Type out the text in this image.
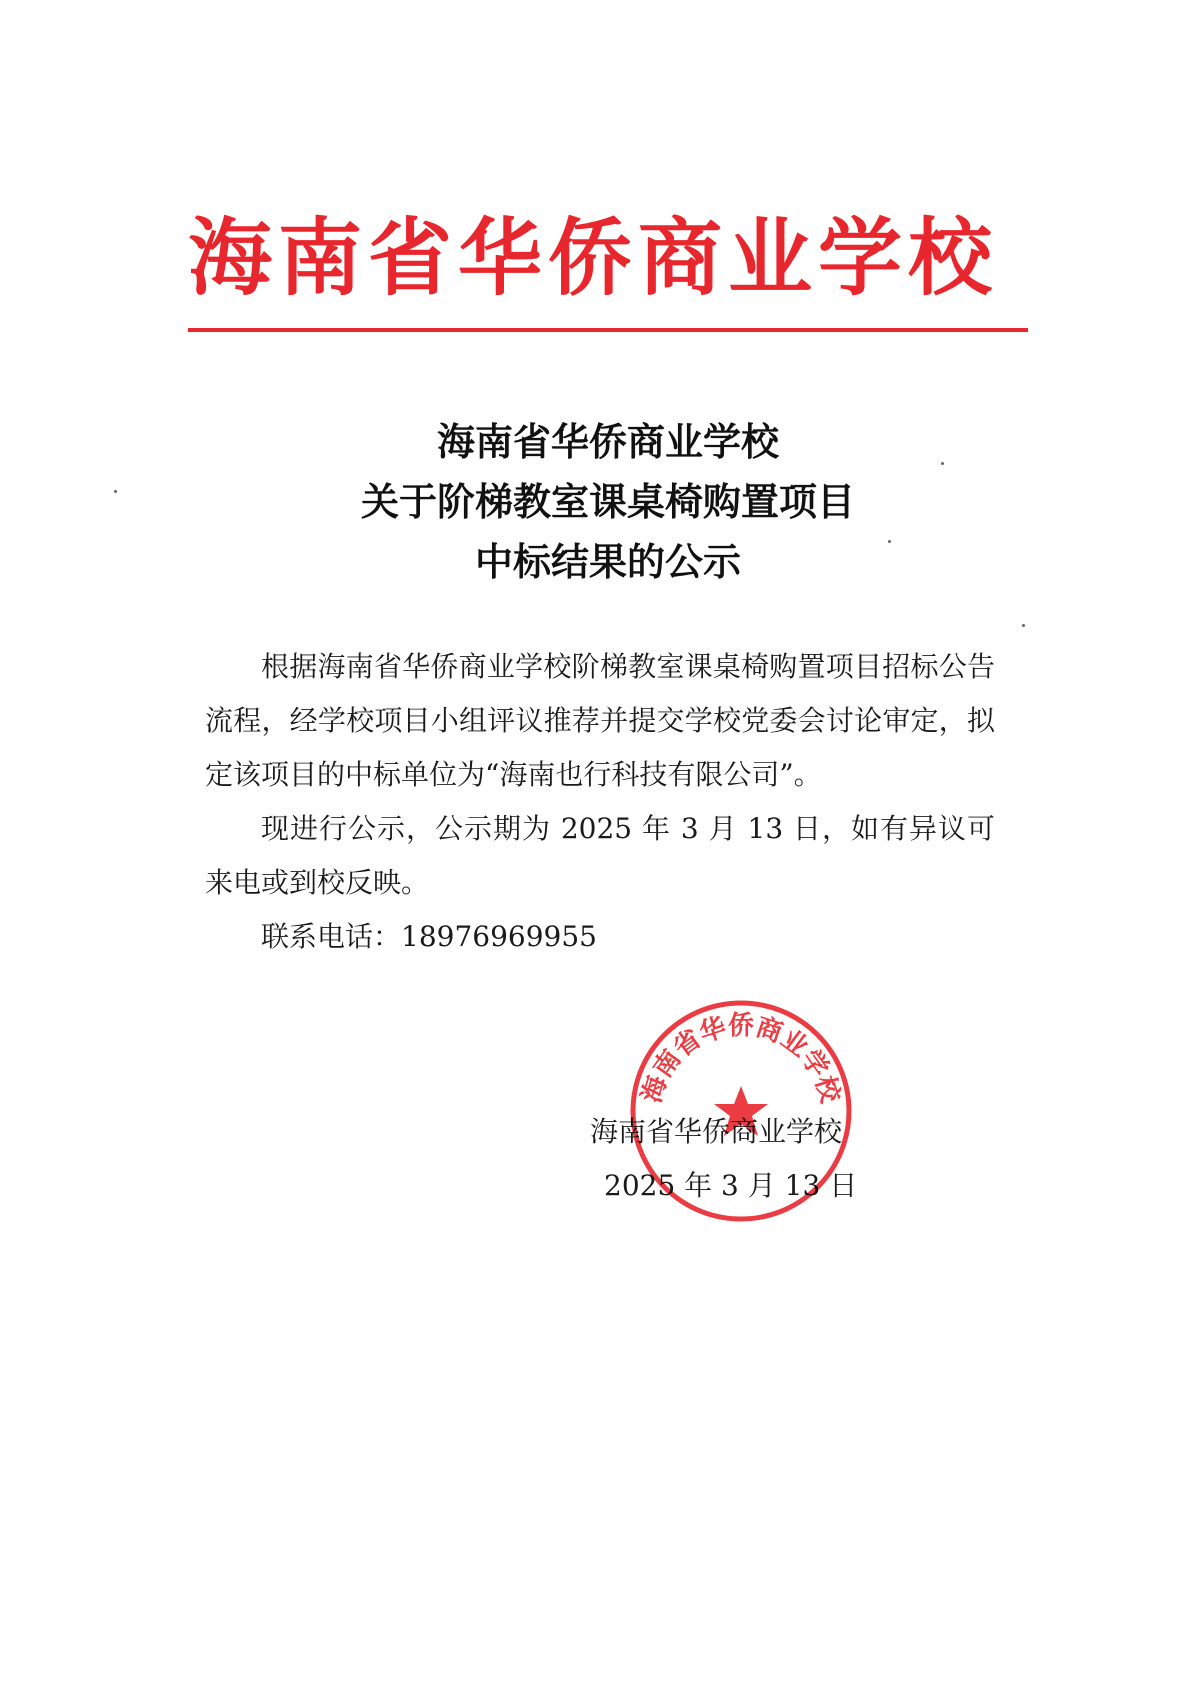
海南省华侨商业学校
海南省华侨商业学校
关于阶梯教室课桌椅购置项目
中标结果的公示

根据海南省华侨商业学校阶梯教室课桌椅购置项目招标公告流程，经学校项目小组评议推荐并提交学校党委会讨论审定，拟定该项目的中标单位为“海南也行科技有限公司”。

现进行公示，公示期为 2025 年 3 月 13 日，如有异议可来电或到校反映。

联系电话：18976969955

海南省华侨商业学校
2025 年 3 月 13 日
海南省华侨商业学校
